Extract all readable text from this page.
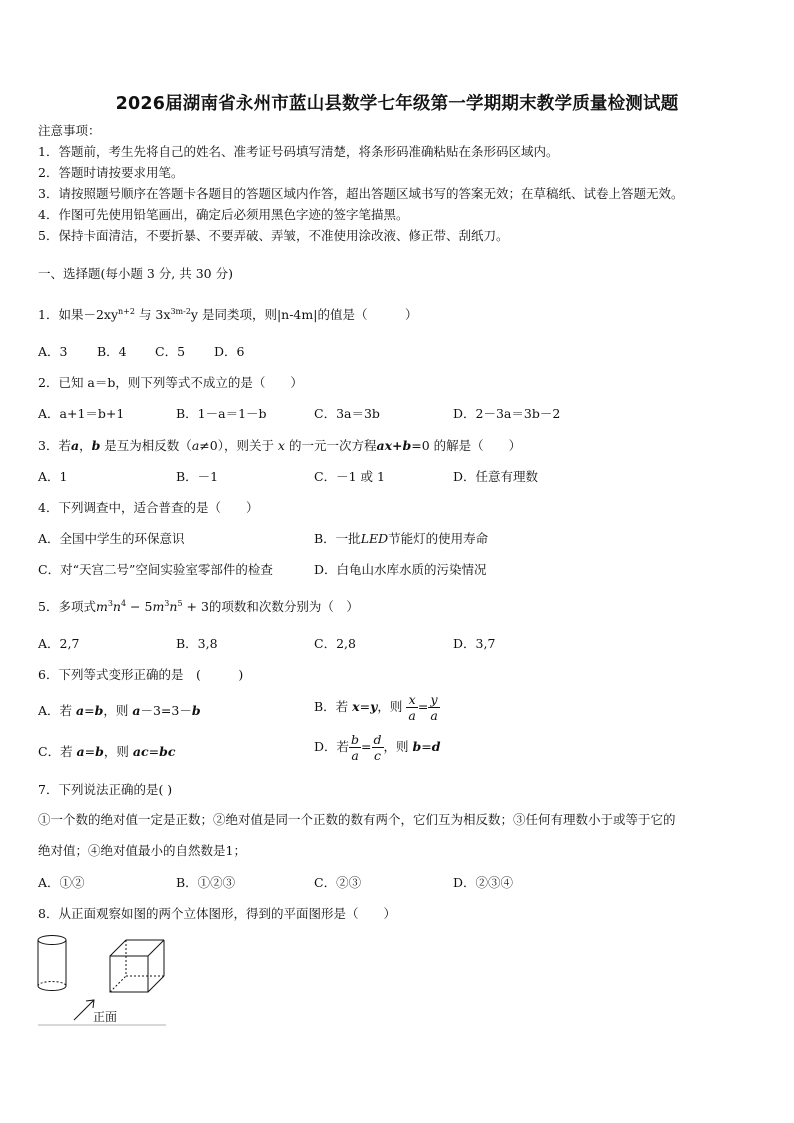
2026届湖南省永州市蓝山县数学七年级第一学期期末教学质量检测试题
注意事项：
1．答题前，考生先将自己的姓名、准考证号码填写清楚，将条形码准确粘贴在条形码区域内。
2．答题时请按要求用笔。
3．请按照题号顺序在答题卡各题目的答题区域内作答，超出答题区域书写的答案无效；在草稿纸、试卷上答题无效。
4．作图可先使用铅笔画出，确定后必须用黑色字迹的签字笔描黑。
5．保持卡面清洁，不要折暴、不要弄破、弄皱，不准使用涂改液、修正带、刮纸刀。
一、选择题(每小题 3 分, 共 30 分)
1．如果$-2xy^{n+2}$ 与 $3x^{3m-2}y$ 是同类项，则|n-4m|的值是（　　　）
A．3 B．4 C．5 D．6
2．已知 a＝b，则下列等式不成立的是（　　）
A．a+1＝b+1	B．1－a＝1－b	C．3a＝3b	D．2－3a＝3b－2
3．若a，b 是互为相反数（a≠0），则关于 x 的一元一次方程ax+b=0 的解是（　　）
A．1	B．－1	C．－1 或 1	D．任意有理数
4．下列调查中，适合普查的是（　　）
A．全国中学生的环保意识	B．一批LED节能灯的使用寿命
C．对“天宫二号”空间实验室零部件的检查	D．白龟山水库水质的污染情况
5．多项式$m^3n^4 - 5m^3n^5 + 3$的项数和次数分别为（　）
A．2,7	B．3,8	C．2,8	D．3,7
6．下列等式变形正确的是　(　　　)
A．若 a=b，则 a－3=3－b	B．若 x=y，则 $\frac{x}{a} = \frac{y}{a}$
C．若 a=b，则 ac=bc	D．若 $\frac{b}{a} = \frac{d}{c}$ ，则 b=d
7．下列说法正确的是( )
①一个数的绝对值一定是正数；②绝对值是同一个正数的数有两个，它们互为相反数；③任何有理数小于或等于它的
绝对值；④绝对值最小的自然数是1；
A．①②	B．①②③	C．②③	D．②③④
8．从正面观察如图的两个立体图形，得到的平面图形是（　　）
正面
